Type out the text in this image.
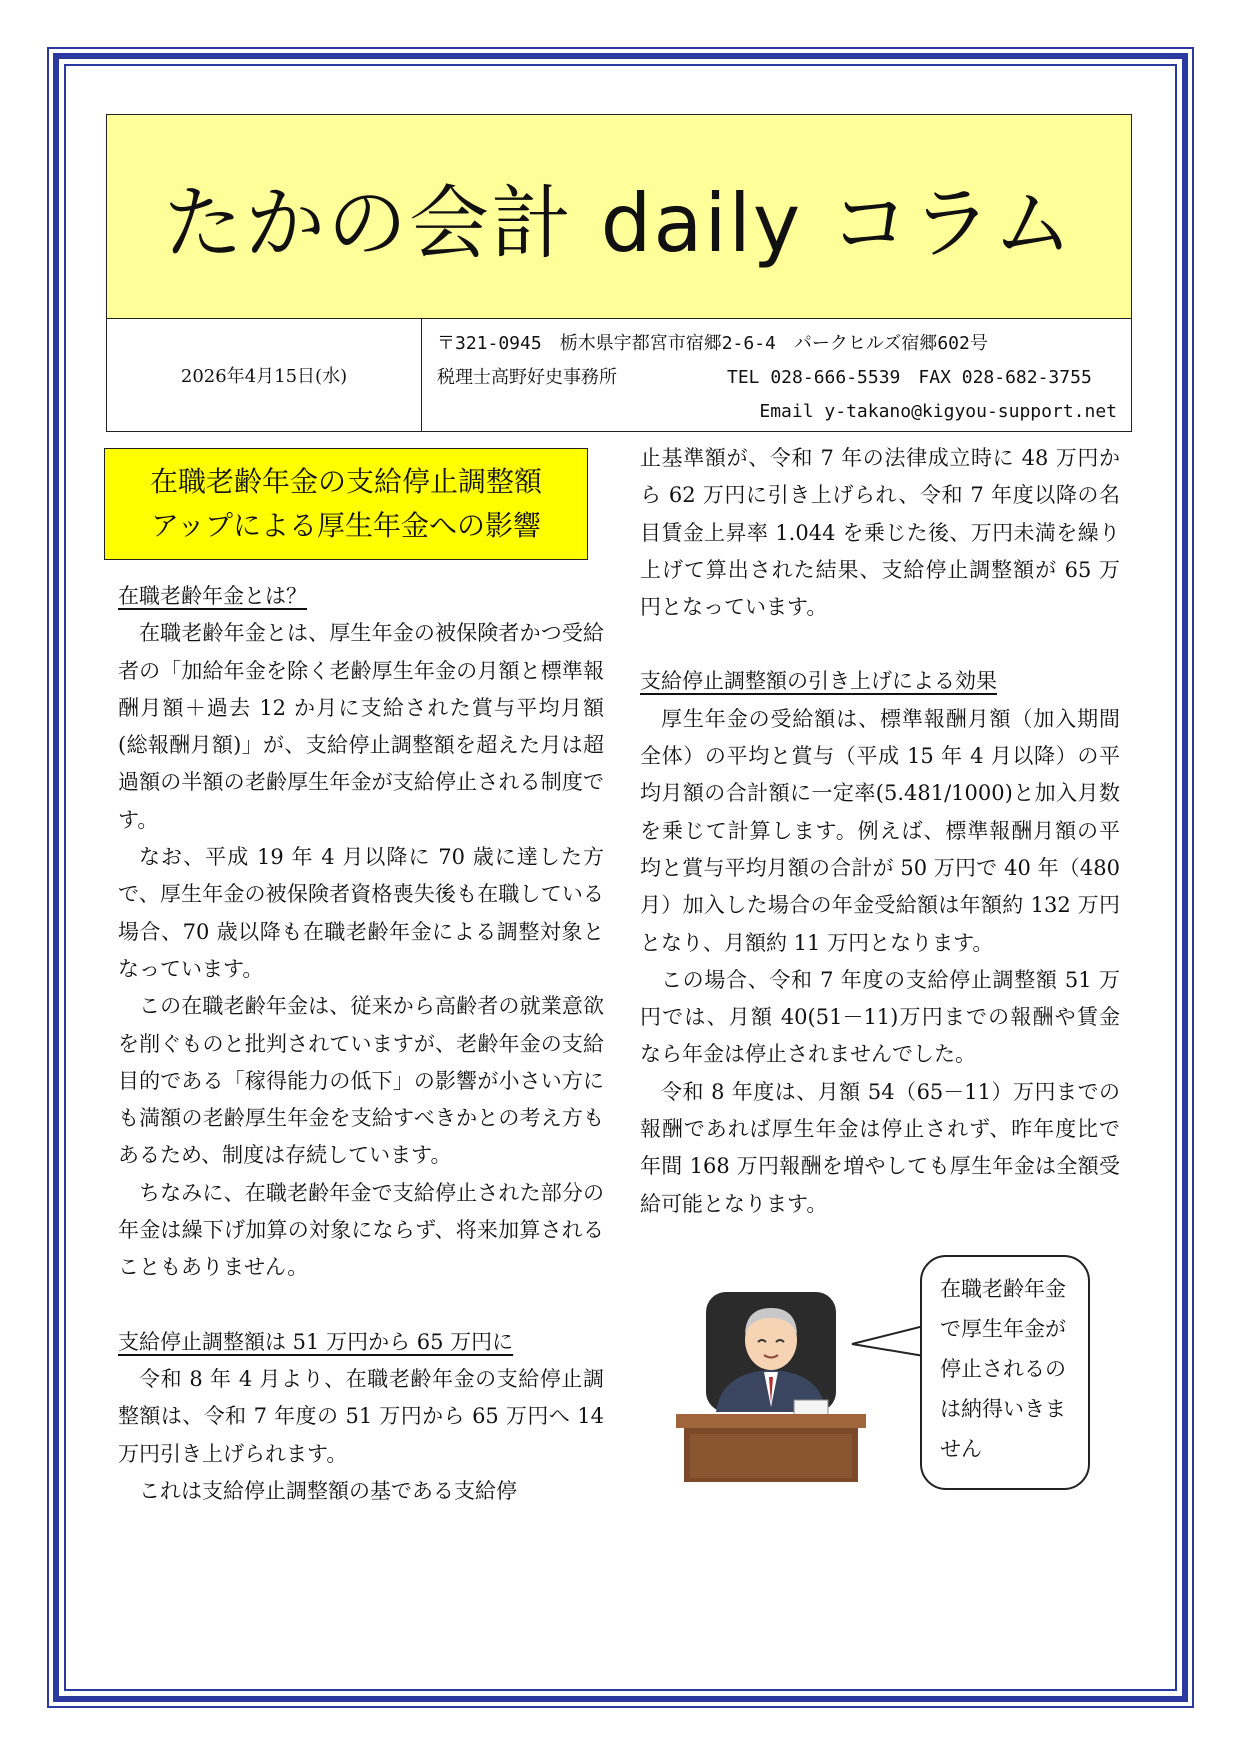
たかの会計 daily コラム
2026年4月15日(水)
〒321-0945　栃木県宇都宮市宿郷2-6-4　パークヒルズ宿郷602号
税理士高野好史事務所	TEL 028-666-5539　FAX 028-682-3755
Email y-takano@kigyou-support.net
在職老齢年金の支給停止調整額
アップによる厚生年金への影響

在職老齢年金とは？

在職老齢年金とは、厚生年金の被保険者かつ受給者の「加給年金を除く老齢厚生年金の月額と標準報酬月額＋過去 12 か月に支給された賞与平均月額(総報酬月額)」が、支給停止調整額を超えた月は超過額の半額の老齢厚生年金が支給停止される制度です。

なお、平成 19 年 4 月以降に 70 歳に達した方で、厚生年金の被保険者資格喪失後も在職している場合、70 歳以降も在職老齢年金による調整対象となっています。

この在職老齢年金は、従来から高齢者の就業意欲を削ぐものと批判されていますが、老齢年金の支給目的である「稼得能力の低下」の影響が小さい方にも満額の老齢厚生年金を支給すべきかとの考え方もあるため、制度は存続しています。

ちなみに、在職老齢年金で支給停止された部分の年金は繰下げ加算の対象にならず、将来加算されることもありません。

支給停止調整額は 51 万円から 65 万円に

令和 8 年 4 月より、在職老齢年金の支給停止調整額は、令和 7 年度の 51 万円から 65 万円へ 14 万円引き上げられます。

これは支給停止調整額の基である支給停

止基準額が、令和 7 年の法律成立時に 48 万円から 62 万円に引き上げられ、令和 7 年度以降の名目賃金上昇率 1.044 を乗じた後、万円未満を繰り上げて算出された結果、支給停止調整額が 65 万円となっています。

支給停止調整額の引き上げによる効果

厚生年金の受給額は、標準報酬月額（加入期間全体）の平均と賞与（平成 15 年 4 月以降）の平均月額の合計額に一定率(5.481/1000)と加入月数を乗じて計算します。例えば、標準報酬月額の平均と賞与平均月額の合計が 50 万円で 40 年（480 月）加入した場合の年金受給額は年額約 132 万円となり、月額約 11 万円となります。

この場合、令和 7 年度の支給停止調整額 51 万円では、月額 40(51－11)万円までの報酬や賃金なら年金は停止されませんでした。

令和 8 年度は、月額 54（65－11）万円までの報酬であれば厚生年金は停止されず、昨年度比で年間 168 万円報酬を増やしても厚生年金は全額受給可能となります。

在職老齢年金
で厚生年金が
停止されるの
は納得いきま
せん
